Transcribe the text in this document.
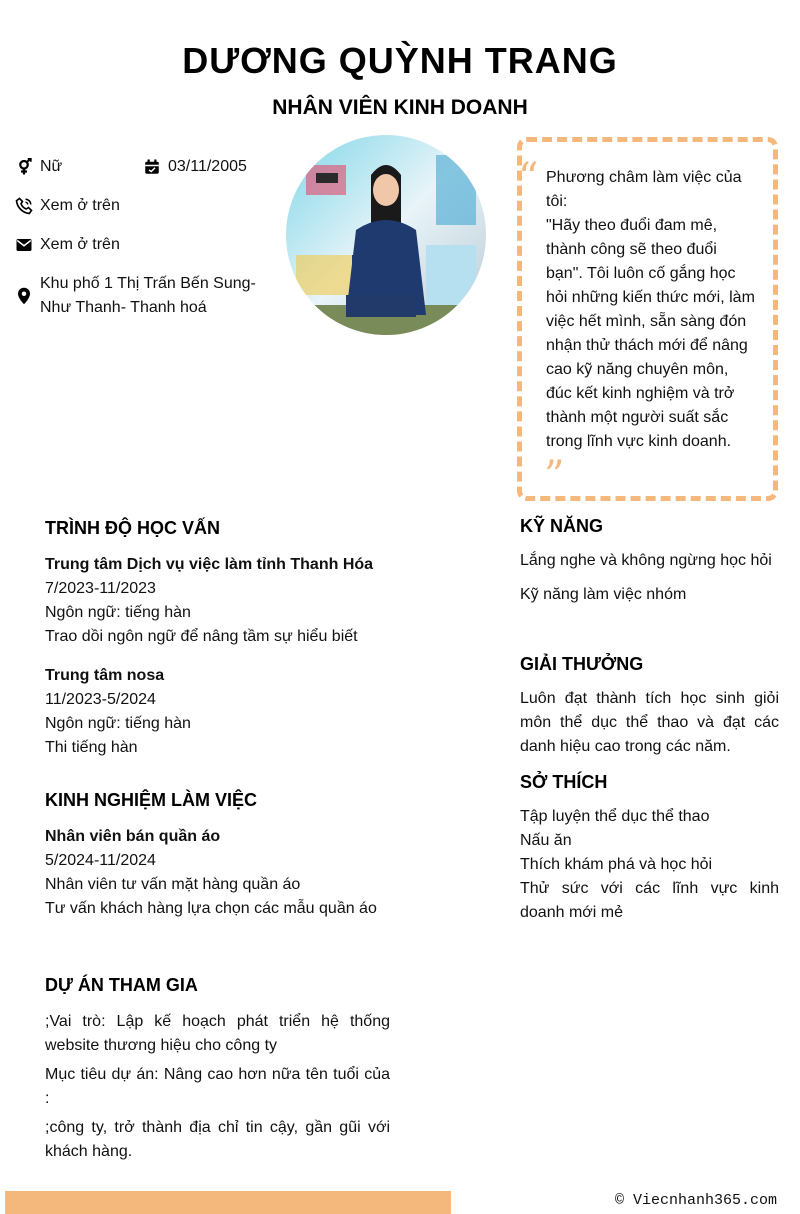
DƯƠNG QUỲNH TRANG
NHÂN VIÊN KINH DOANH
Nữ	03/11/2005
Xem ở trên
Xem ở trên
Khu phố 1 Thị Trấn Bến Sung- Như Thanh- Thanh hoá
“ Phương châm làm việc của tôi:
"Hãy theo đuổi đam mê, thành công sẽ theo đuổi bạn". Tôi luôn cố gắng học hỏi những kiến thức mới, làm việc hết mình, sẵn sàng đón nhận thử thách mới để nâng cao kỹ năng chuyên môn, đúc kết kinh nghiệm và trở thành một người suất sắc trong lĩnh vực kinh doanh.
”
TRÌNH ĐỘ HỌC VẤN
Trung tâm Dịch vụ việc làm tỉnh Thanh Hóa
7/2023-11/2023
Ngôn ngữ: tiếng hàn
Trao dồi ngôn ngữ để nâng tầm sự hiểu biết
Trung tâm nosa
11/2023-5/2024
Ngôn ngữ: tiếng hàn
Thi tiếng hàn
KINH NGHIỆM LÀM VIỆC
Nhân viên bán quần áo
5/2024-11/2024
Nhân viên tư vấn mặt hàng quần áo
Tư vấn khách hàng lựa chọn các mẫu quần áo
DỰ ÁN THAM GIA
;Vai trò: Lập kế hoạch phát triển hệ thống website thương hiệu cho công ty
Mục tiêu dự án: Nâng cao hơn nữa tên tuổi của :
;công ty, trở thành địa chỉ tin cậy, gần gũi với khách hàng.
KỸ NĂNG
Lắng nghe và không ngừng học hỏi
Kỹ năng làm việc nhóm
GIẢI THƯỞNG
Luôn đạt thành tích học sinh giỏi môn thể dục thể thao và đạt các danh hiệu cao trong các năm.
SỞ THÍCH
Tập luyện thể dục thể thao
Nấu ăn
Thích khám phá và học hỏi
Thử sức với các lĩnh vực kinh doanh mới mẻ
© Viecnhanh365.com
